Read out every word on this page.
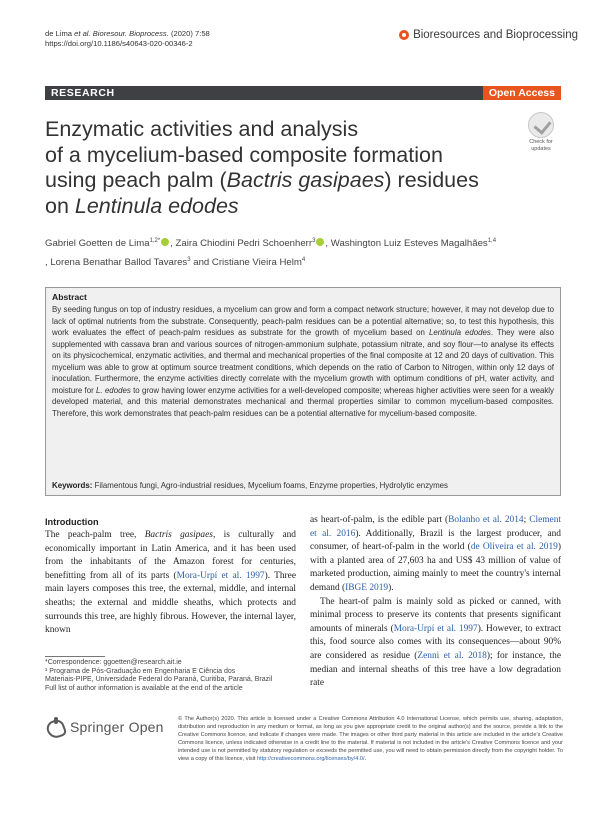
de Lima et al. Bioresour. Bioprocess. (2020) 7:58
https://doi.org/10.1186/s40643-020-00346-2
Bioresources and Bioprocessing
RESEARCH	Open Access
Enzymatic activities and analysis
of a mycelium-based composite formation
using peach palm (Bactris gasipaes) residues
on Lentinula edodes
Check for
updates
Gabriel Goetten de Lima$^{1,2*}$ , Zaira Chiodini Pedri Schoenherr$^3$ , Washington Luiz Esteves Magalhães$^{1,4}$
, Lorena Benathar Ballod Tavares$^3$ and Cristiane Vieira Helm$^4$
Abstract
By seeding fungus on top of industry residues, a mycelium can grow and form a compact network structure; however, it may not develop due to lack of optimal nutrients from the substrate. Consequently, peach-palm residues can be a potential alternative; so, to test this hypothesis, this work evaluates the effect of peach-palm residues as substrate for the growth of mycelium based on Lentinula edodes. They were also supplemented with cassava bran and various sources of nitrogen-ammonium sulphate, potassium nitrate, and soy flour—to analyse its effects on its physicochemical, enzymatic activities, and thermal and mechanical properties of the final composite at 12 and 20 days of cultivation. This mycelium was able to grow at optimum source treatment conditions, which depends on the ratio of Carbon to Nitrogen, within only 12 days of inoculation. Furthermore, the enzyme activities directly correlate with the mycelium growth with optimum conditions of pH, water activity, and moisture for L. edodes to grow having lower enzyme activities for a well-developed composite; whereas higher activities were seen for a weakly developed material, and this material demonstrates mechanical and thermal properties similar to common mycelium-based composites. Therefore, this work demonstrates that peach-palm residues can be a potential alternative for mycelium-based composite.
Keywords: Filamentous fungi, Agro-industrial residues, Mycelium foams, Enzyme properties, Hydrolytic enzymes
Introduction
The peach-palm tree, Bactris gasipaes, is culturally and economically important in Latin America, and it has been used from the inhabitants of the Amazon forest for centuries, benefitting from all of its parts (Mora-Urpí et al. 1997). Three main layers composes this tree, the external, middle, and internal sheaths; the external and middle sheaths, which protects and surrounds this tree, are highly fibrous. However, the internal layer, known
as heart-of-palm, is the edible part (Bolanho et al. 2014; Clement et al. 2016). Additionally, Brazil is the largest producer, and consumer, of heart-of-palm in the world (de Oliveira et al. 2019) with a planted area of 27,603 ha and US$ 43 million of value of marketed production, aiming mainly to meet the country's internal demand (IBGE 2019).
The heart-of palm is mainly sold as picked or canned, with minimal process to preserve its contents that presents significant amounts of minerals (Mora-Urpí et al. 1997). However, to extract this, food source also comes with its consequences—about 90% are considered as residue (Zenni et al. 2018); for instance, the median and internal sheaths of this tree have a low degradation rate
*Correspondence: ggoetten@research.ait.ie
¹ Programa de Pós-Graduação em Engenharia E Ciência dos
Materiais-PIPE, Universidade Federal do Paraná, Curitiba, Paraná, Brazil
Full list of author information is available at the end of the article
Springer Open	© The Author(s) 2020. This article is licensed under a Creative Commons Attribution 4.0 International License, which permits use, sharing, adaptation, distribution and reproduction in any medium or format, as long as you give appropriate credit to the original author(s) and the source, provide a link to the Creative Commons licence, and indicate if changes were made. The images or other third party material in this article are included in the article's Creative Commons licence, unless indicated otherwise in a credit line to the material. If material is not included in the article's Creative Commons licence and your intended use is not permitted by statutory regulation or exceeds the permitted use, you will need to obtain permission directly from the copyright holder. To view a copy of this licence, visit http://creativecommons.org/licenses/by/4.0/.
